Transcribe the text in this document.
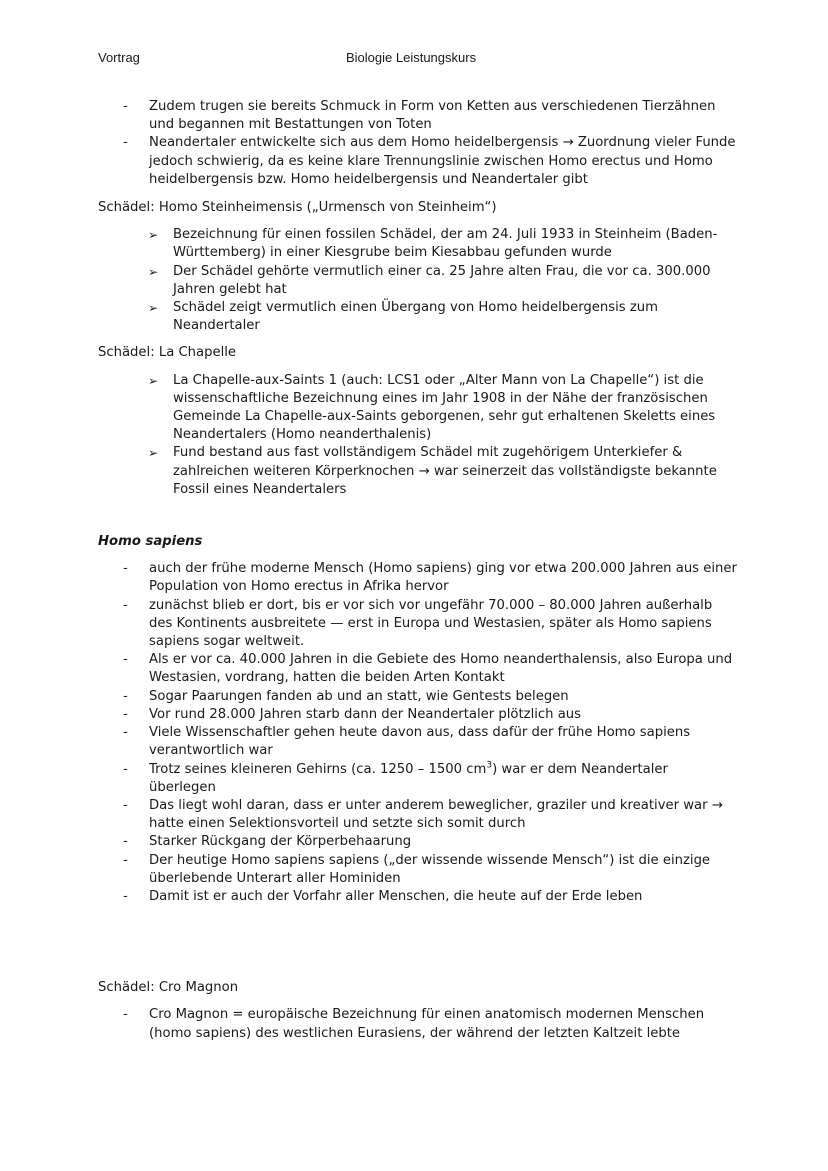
Vortrag	Biologie Leistungskurs
- Zudem trugen sie bereits Schmuck in Form von Ketten aus verschiedenen Tierzähnen und begannen mit Bestattungen von Toten
- Neandertaler entwickelte sich aus dem Homo heidelbergensis → Zuordnung vieler Funde jedoch schwierig, da es keine klare Trennungslinie zwischen Homo erectus und Homo heidelbergensis bzw. Homo heidelbergensis und Neandertaler gibt

Schädel: Homo Steinheimensis („Urmensch von Steinheim“)

➢ Bezeichnung für einen fossilen Schädel, der am 24. Juli 1933 in Steinheim (Baden-Württemberg) in einer Kiesgrube beim Kiesabbau gefunden wurde
➢ Der Schädel gehörte vermutlich einer ca. 25 Jahre alten Frau, die vor ca. 300.000 Jahren gelebt hat
➢ Schädel zeigt vermutlich einen Übergang von Homo heidelbergensis zum Neandertaler

Schädel: La Chapelle

➢ La Chapelle-aux-Saints 1 (auch: LCS1 oder „Alter Mann von La Chapelle“) ist die wissenschaftliche Bezeichnung eines im Jahr 1908 in der Nähe der französischen Gemeinde La Chapelle-aux-Saints geborgenen, sehr gut erhaltenen Skeletts eines Neandertalers (Homo neanderthalenis)
➢ Fund bestand aus fast vollständigem Schädel mit zugehörigem Unterkiefer & zahlreichen weiteren Körperknochen → war seinerzeit das vollständigste bekannte Fossil eines Neandertalers

Homo sapiens

- auch der frühe moderne Mensch (Homo sapiens) ging vor etwa 200.000 Jahren aus einer Population von Homo erectus in Afrika hervor
- zunächst blieb er dort, bis er vor sich vor ungefähr 70.000 – 80.000 Jahren außerhalb des Kontinents ausbreitete — erst in Europa und Westasien, später als Homo sapiens sapiens sogar weltweit.
- Als er vor ca. 40.000 Jahren in die Gebiete des Homo neanderthalensis, also Europa und Westasien, vordrang, hatten die beiden Arten Kontakt
- Sogar Paarungen fanden ab und an statt, wie Gentests belegen
- Vor rund 28.000 Jahren starb dann der Neandertaler plötzlich aus
- Viele Wissenschaftler gehen heute davon aus, dass dafür der frühe Homo sapiens verantwortlich war
- Trotz seines kleineren Gehirns (ca. 1250 – 1500 $cm^3$) war er dem Neandertaler überlegen
- Das liegt wohl daran, dass er unter anderem beweglicher, graziler und kreativer war → hatte einen Selektionsvorteil und setzte sich somit durch
- Starker Rückgang der Körperbehaarung
- Der heutige Homo sapiens sapiens („der wissende wissende Mensch“) ist die einzige überlebende Unterart aller Hominiden
- Damit ist er auch der Vorfahr aller Menschen, die heute auf der Erde leben

Schädel: Cro Magnon

- Cro Magnon = europäische Bezeichnung für einen anatomisch modernen Menschen (homo sapiens) des westlichen Eurasiens, der während der letzten Kaltzeit lebte
